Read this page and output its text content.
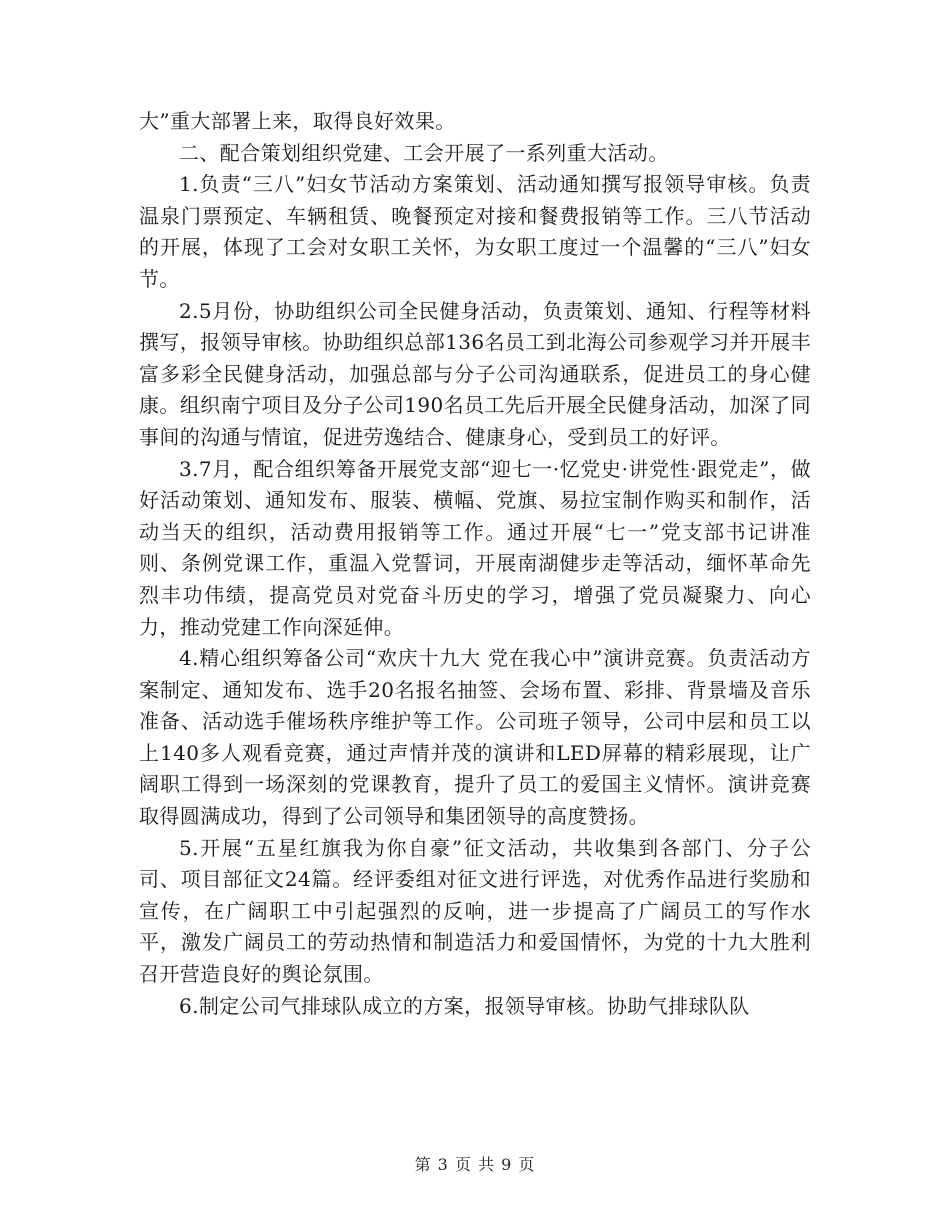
大”重大部署上来，取得良好效果。

二、配合策划组织党建、工会开展了一系列重大活动。

1.负责“三八”妇女节活动方案策划、活动通知撰写报领导审核。负责温泉门票预定、车辆租赁、晚餐预定对接和餐费报销等工作。三八节活动的开展，体现了工会对女职工关怀，为女职工度过一个温馨的“三八”妇女节。

2.5月份，协助组织公司全民健身活动，负责策划、通知、行程等材料撰写，报领导审核。协助组织总部136名员工到北海公司参观学习并开展丰富多彩全民健身活动，加强总部与分子公司沟通联系，促进员工的身心健康。组织南宁项目及分子公司190名员工先后开展全民健身活动，加深了同事间的沟通与情谊，促进劳逸结合、健康身心，受到员工的好评。

3.7月，配合组织筹备开展党支部“迎七一·忆党史·讲党性·跟党走”，做好活动策划、通知发布、服装、横幅、党旗、易拉宝制作购买和制作，活动当天的组织，活动费用报销等工作。通过开展“七一”党支部书记讲准则、条例党课工作，重温入党誓词，开展南湖健步走等活动，缅怀革命先烈丰功伟绩，提高党员对党奋斗历史的学习，增强了党员凝聚力、向心力，推动党建工作向深延伸。

4.精心组织筹备公司“欢庆十九大 党在我心中”演讲竞赛。负责活动方案制定、通知发布、选手20名报名抽签、会场布置、彩排、背景墙及音乐准备、活动选手催场秩序维护等工作。公司班子领导，公司中层和员工以上140多人观看竞赛，通过声情并茂的演讲和LED屏幕的精彩展现，让广阔职工得到一场深刻的党课教育，提升了员工的爱国主义情怀。演讲竞赛取得圆满成功，得到了公司领导和集团领导的高度赞扬。

5.开展“五星红旗我为你自豪”征文活动，共收集到各部门、分子公司、项目部征文24篇。经评委组对征文进行评选，对优秀作品进行奖励和宣传，在广阔职工中引起强烈的反响，进一步提高了广阔员工的写作水平，激发广阔员工的劳动热情和制造活力和爱国情怀，为党的十九大胜利召开营造良好的舆论氛围。

6.制定公司气排球队成立的方案，报领导审核。协助气排球队队

第 3 页 共 9 页
